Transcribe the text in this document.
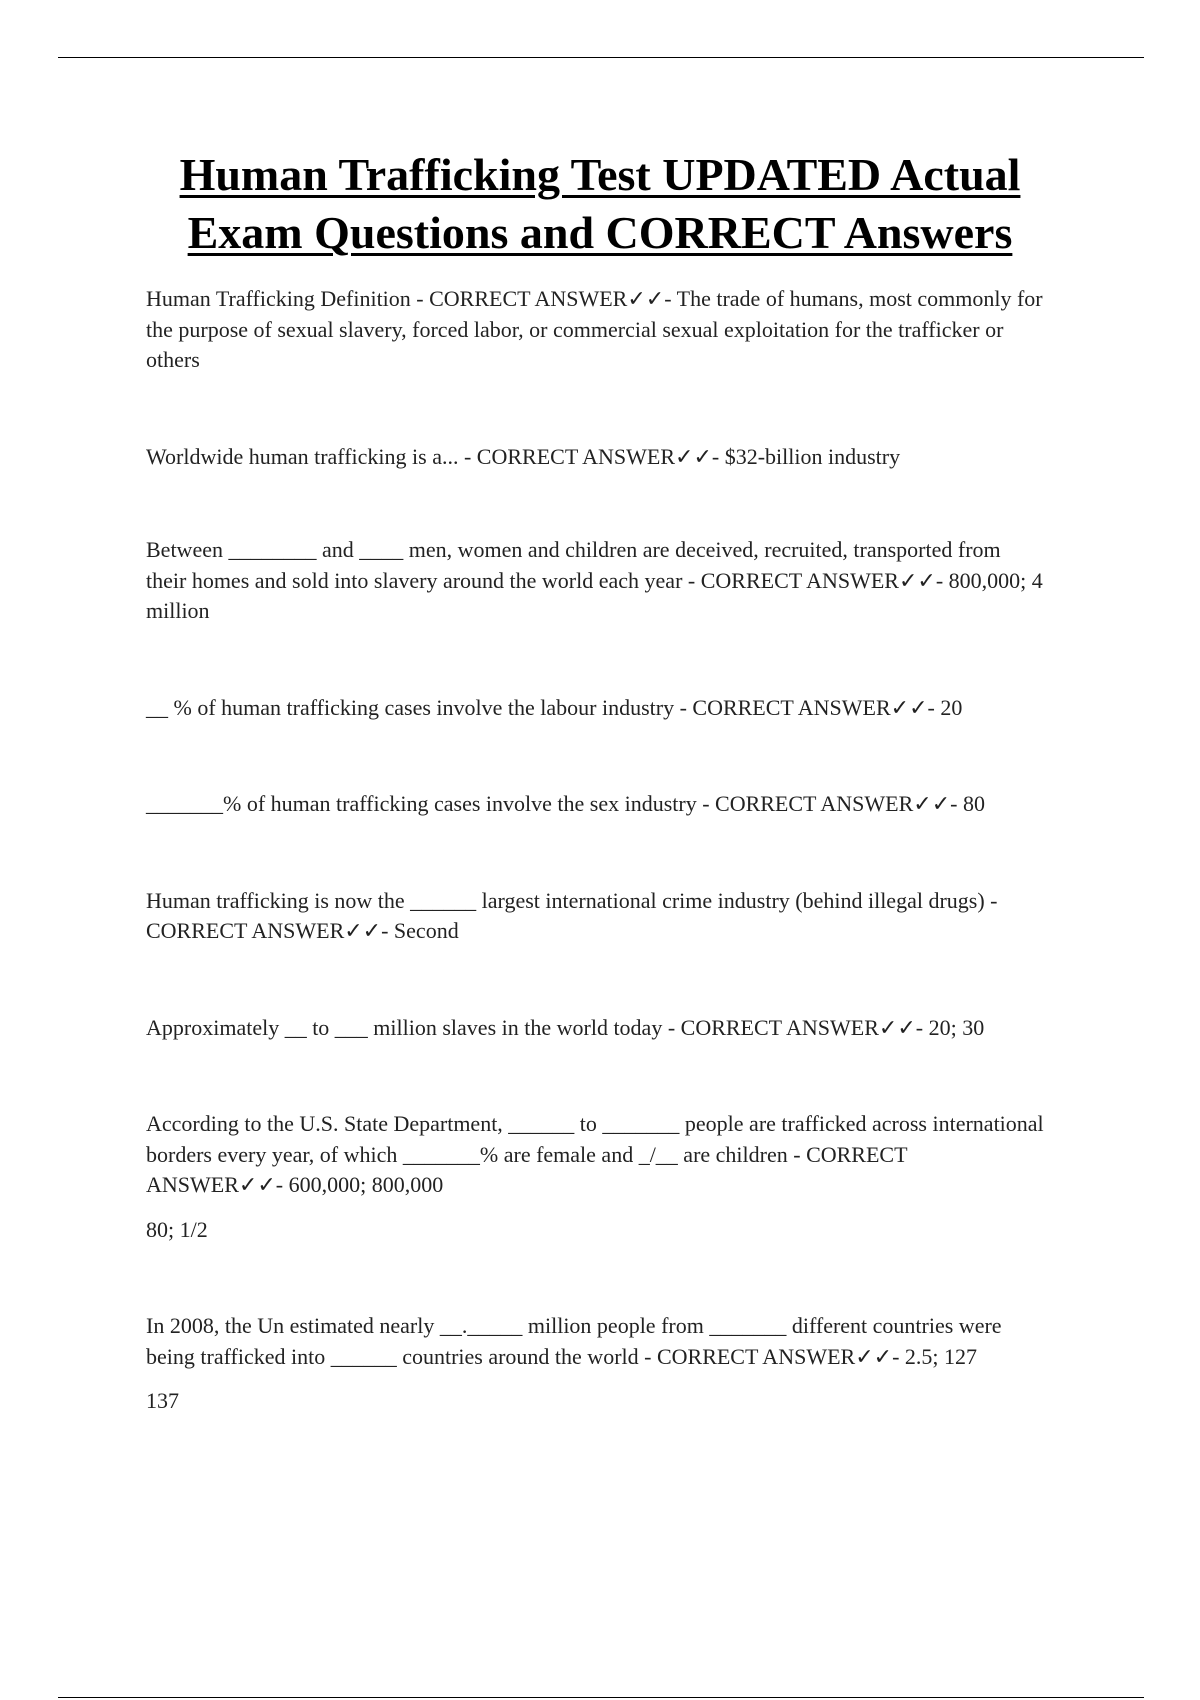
Human Trafficking Test UPDATED Actual
Exam Questions and CORRECT Answers

Human Trafficking Definition - CORRECT ANSWER✓✓- The trade of humans, most commonly for the purpose of sexual slavery, forced labor, or commercial sexual exploitation for the trafficker or others

Worldwide human trafficking is a... - CORRECT ANSWER✓✓- $32-billion industry

Between ________ and ____ men, women and children are deceived, recruited, transported from their homes and sold into slavery around the world each year - CORRECT ANSWER✓✓- 800,000; 4 million

__ % of human trafficking cases involve the labour industry - CORRECT ANSWER✓✓- 20

_______% of human trafficking cases involve the sex industry - CORRECT ANSWER✓✓- 80

Human trafficking is now the ______ largest international crime industry (behind illegal drugs) - CORRECT ANSWER✓✓- Second

Approximately __ to ___ million slaves in the world today - CORRECT ANSWER✓✓- 20; 30

According to the U.S. State Department, ______ to _______ people are trafficked across international borders every year, of which _______% are female and _/__ are children - CORRECT ANSWER✓✓- 600,000; 800,000

80; 1/2

In 2008, the Un estimated nearly __._____ million people from _______ different countries were being trafficked into ______ countries around the world - CORRECT ANSWER✓✓- 2.5; 127

137
